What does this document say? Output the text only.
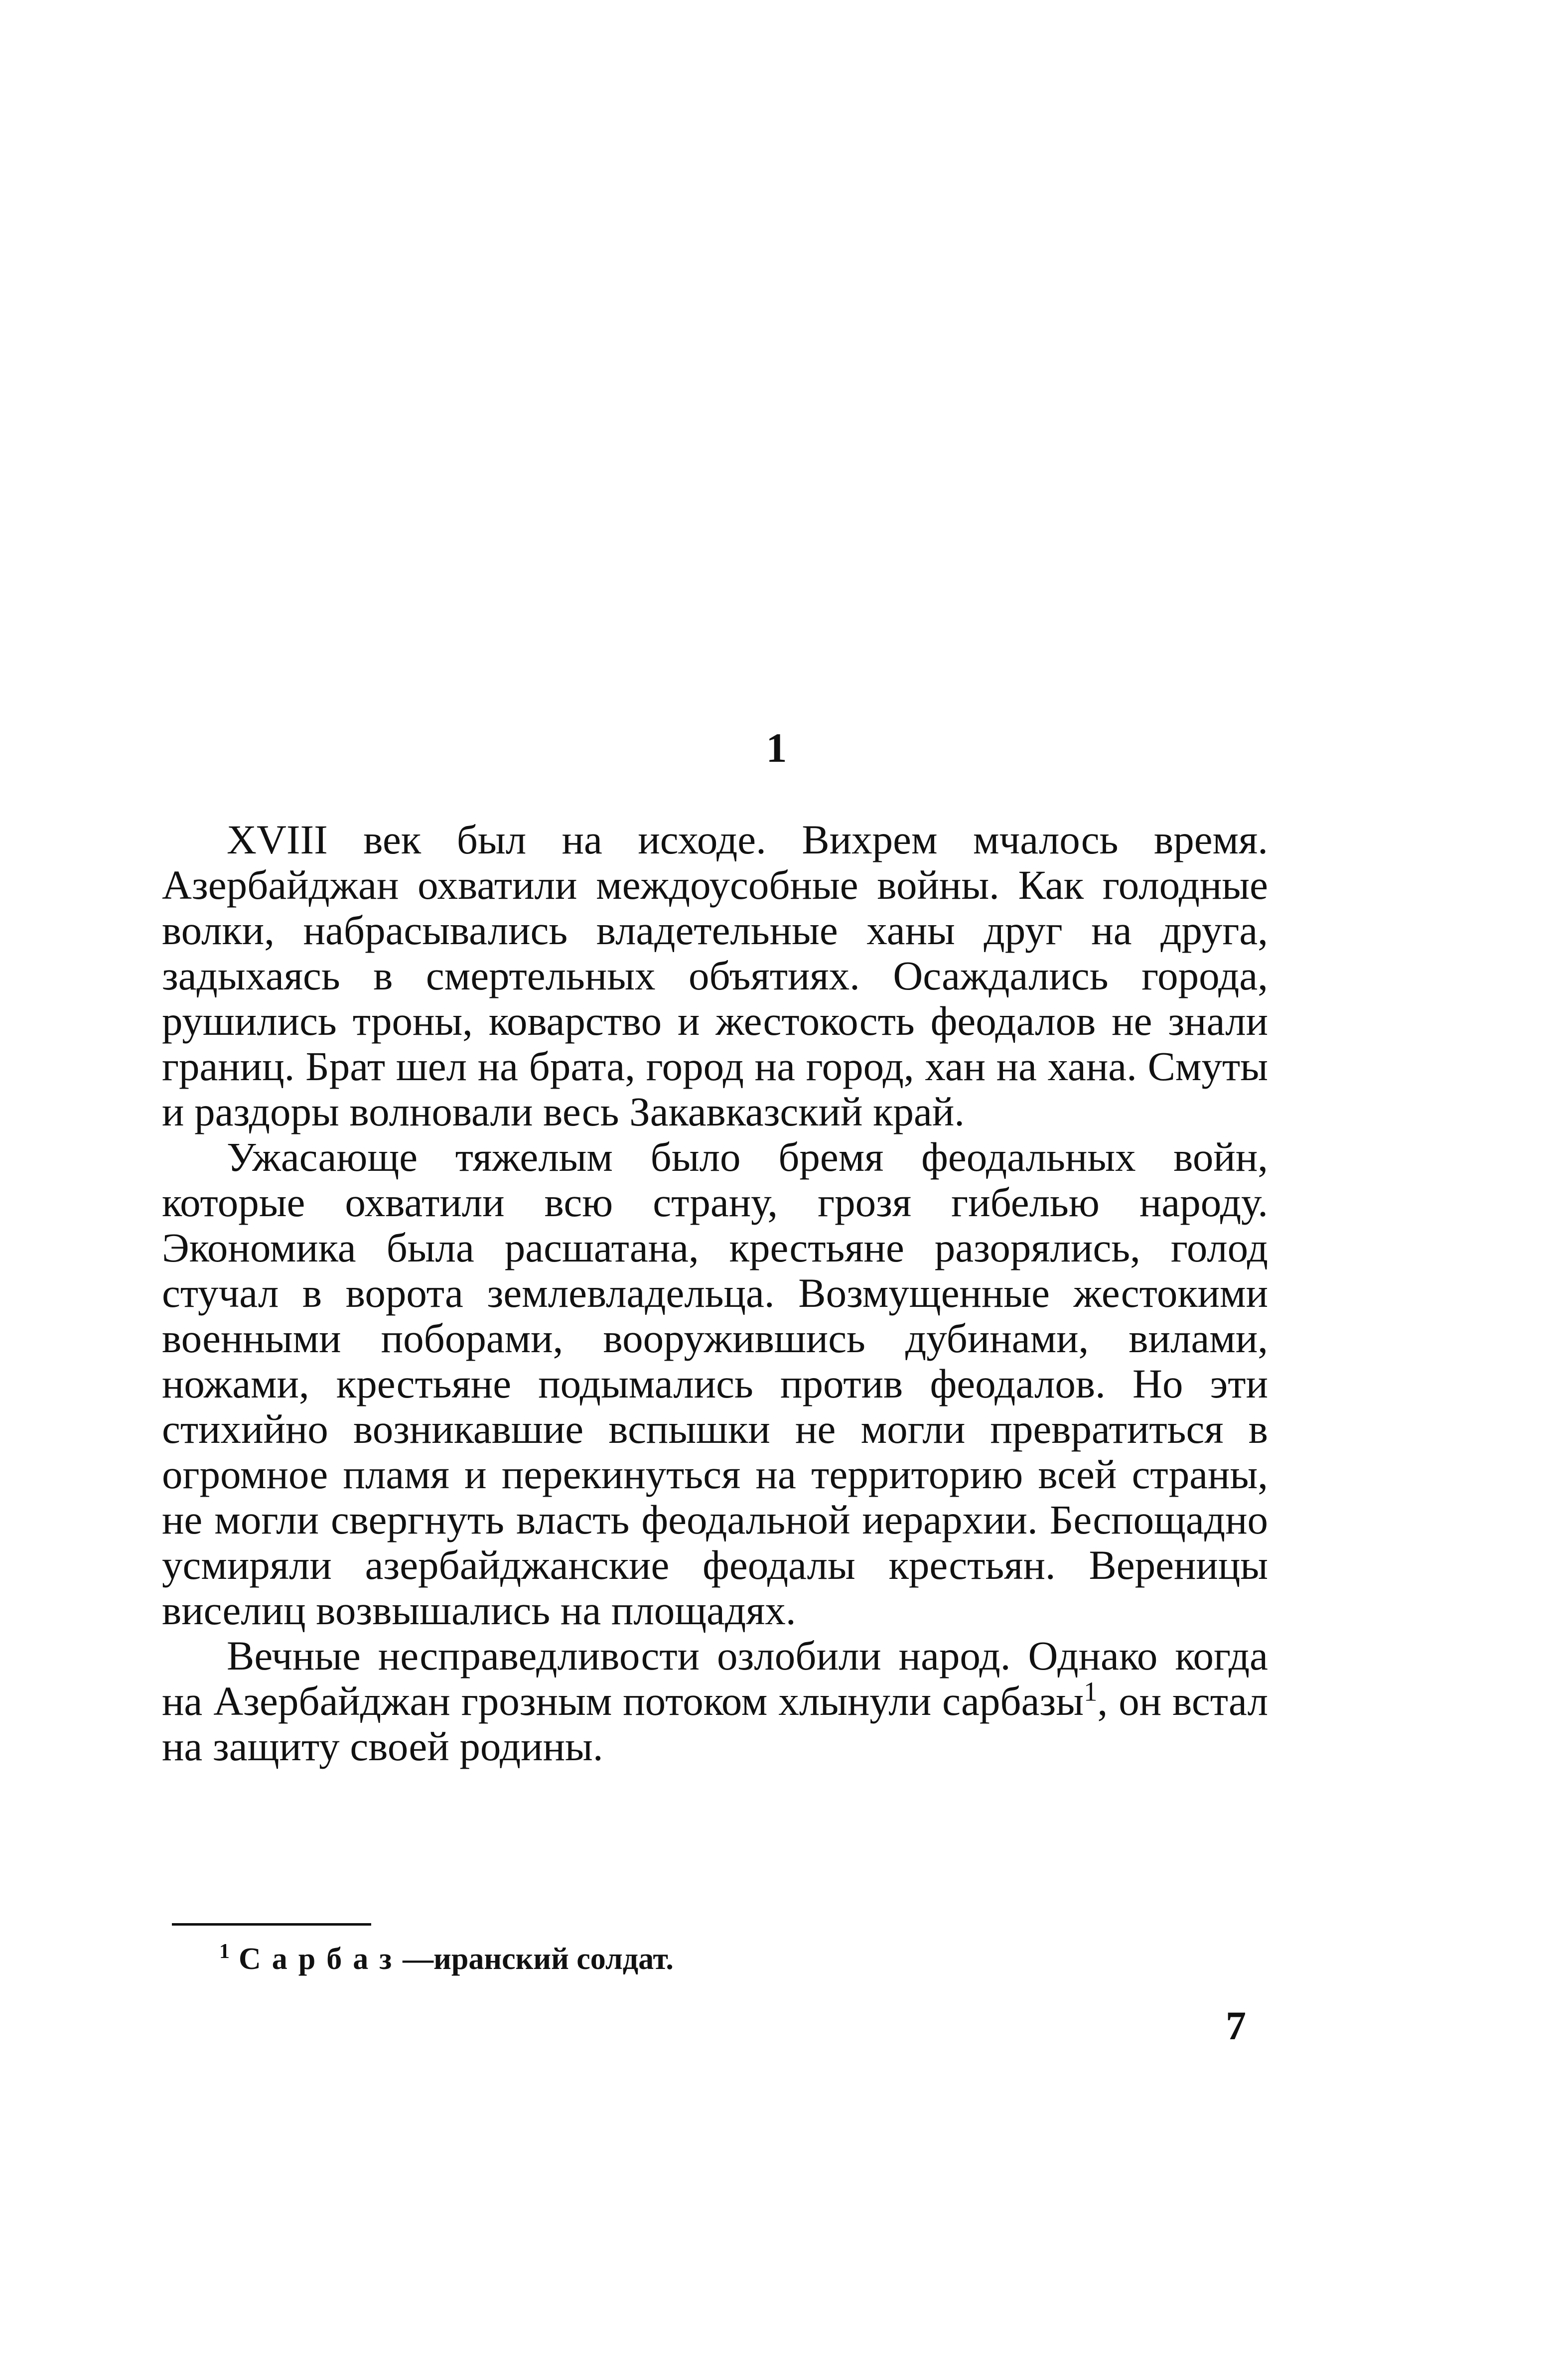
1

XVIII век был на исходе. Вихрем мчалось время. Азербайджан охватили междоусобные войны. Как голодные волки, набрасывались владетельные ханы друг на друга, задыхаясь в смертельных объятиях. Осаждались города, рушились троны, коварство и жестокость феодалов не знали границ. Брат шел на брата, город на город, хан на хана. Смуты и раздоры волновали весь Закавказский край.

Ужасающе тяжелым было бремя феодальных войн, которые охватили всю страну, грозя гибелью народу. Экономика была расшатана, крестьяне разорялись, голод стучал в ворота землевладельца. Возмущенные жестокими военными поборами, вооружившись дубинами, вилами, ножами, крестьяне подымались против феодалов. Но эти стихийно возникавшие вспышки не могли превратиться в огромное пламя и перекинуться на территорию всей страны, не могли свергнуть власть феодальной иерархии. Беспощадно усмиряли азербайджанские феодалы крестьян. Вереницы виселиц возвышались на площадях.

Вечные несправедливости озлобили народ. Однако когда на Азербайджан грозным потоком хлынули сарбазы$^1$, он встал на защиту своей родины.

$^1$ Сарбаз—иранский солдат.
7
